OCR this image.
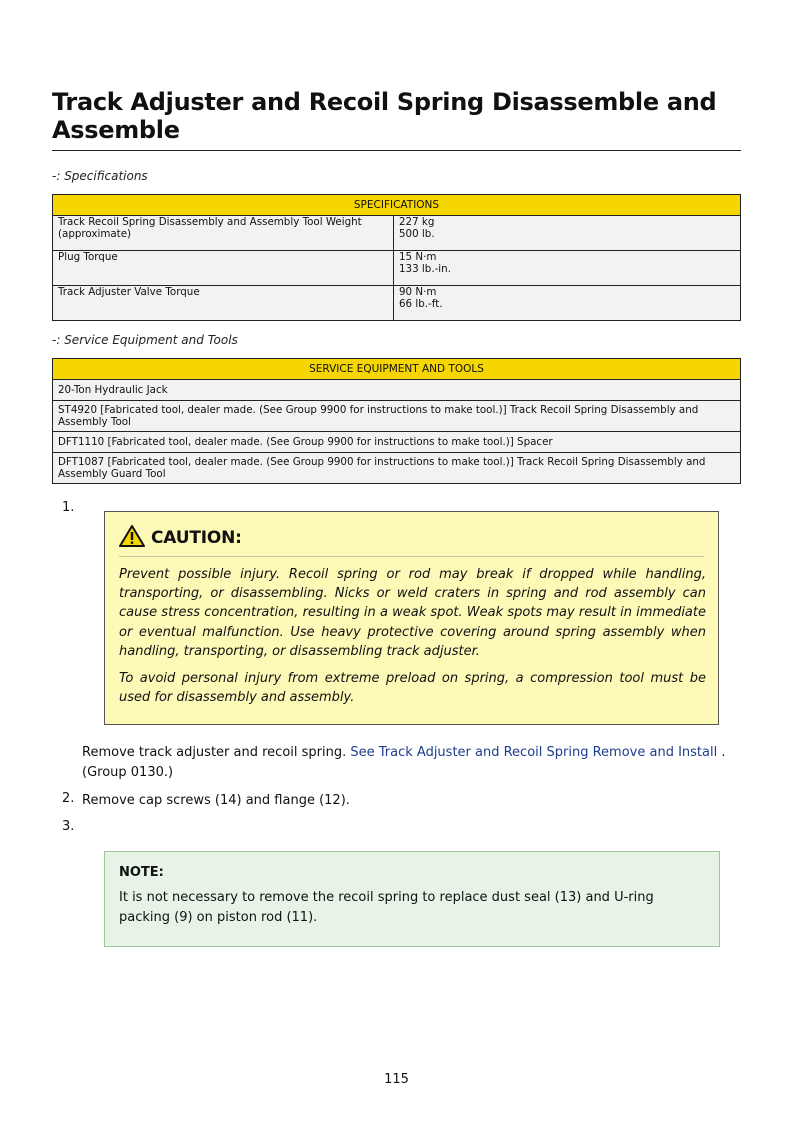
Track Adjuster and Recoil Spring Disassemble and Assemble
-: Specifications
SPECIFICATIONS	
Track Recoil Spring Disassembly and Assembly Tool Weight (approximate)	227 kg
500 lb.

Plug Torque	15 N·m
133 lb.-in.

Track Adjuster Valve Torque	90 N·m
66 lb.-ft.
-: Service Equipment and Tools
SERVICE EQUIPMENT AND TOOLS
20-Ton Hydraulic Jack
ST4920 [Fabricated tool, dealer made. (See Group 9900 for instructions to make tool.)] Track Recoil Spring Disassembly and Assembly Tool
DFT1110 [Fabricated tool, dealer made. (See Group 9900 for instructions to make tool.)] Spacer
DFT1087 [Fabricated tool, dealer made. (See Group 9900 for instructions to make tool.)] Track Recoil Spring Disassembly and Assembly Guard Tool
1.
CAUTION:

Prevent possible injury. Recoil spring or rod may break if dropped while handling, transporting, or disassembling. Nicks or weld craters in spring and rod assembly can cause stress concentration, resulting in a weak spot. Weak spots may result in immediate or eventual malfunction. Use heavy protective covering around spring assembly when handling, transporting, or disassembling track adjuster.

To avoid personal injury from extreme preload on spring, a compression tool must be used for disassembly and assembly.

Remove track adjuster and recoil spring. See Track Adjuster and Recoil Spring Remove and Install . (Group 0130.)

2. Remove cap screws (14) and flange (12).

3.
NOTE:

It is not necessary to remove the recoil spring to replace dust seal (13) and U-ring packing (9) on piston rod (11).

115
